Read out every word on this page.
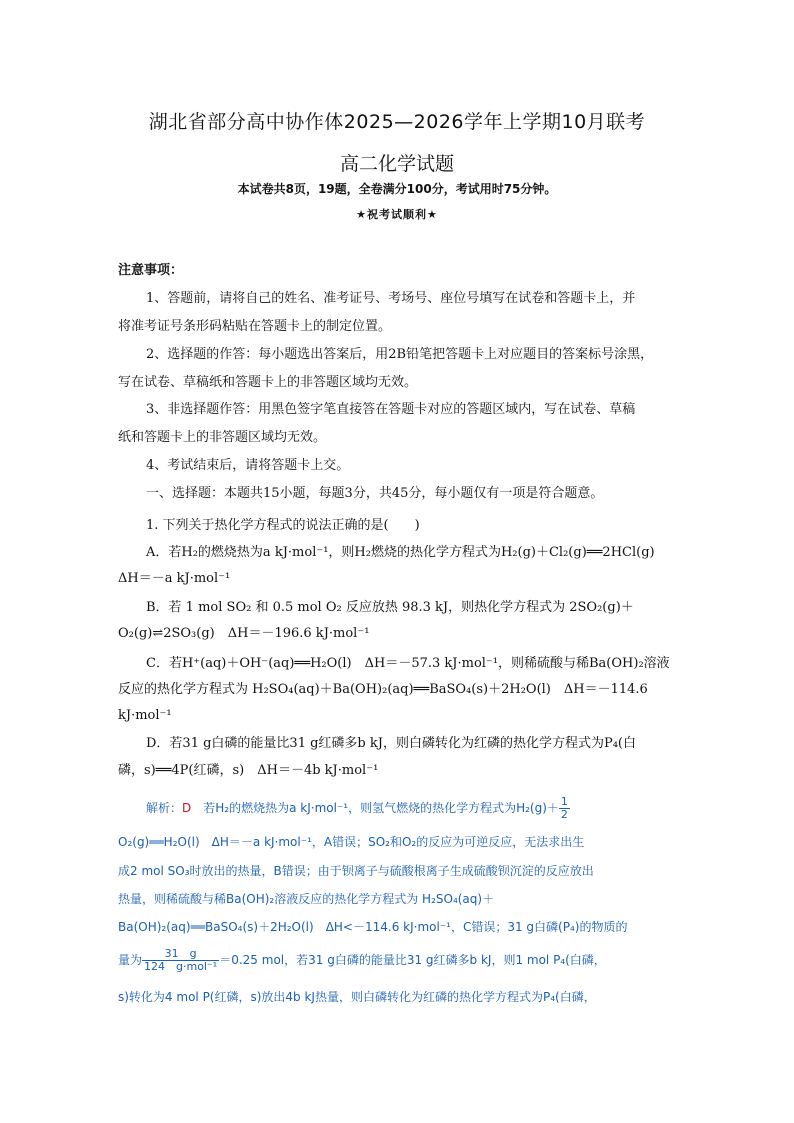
湖北省部分高中协作体2025—2026学年上学期10月联考
高二化学试题
本试卷共8页，19题，全卷满分100分，考试用时75分钟。
★祝考试顺利★
注意事项：
1、答题前，请将自己的姓名、准考证号、考场号、座位号填写在试卷和答题卡上，并
将准考证号条形码粘贴在答题卡上的制定位置。
2、选择题的作答：每小题选出答案后，用2B铅笔把答题卡上对应题目的答案标号涂黑，
写在试卷、草稿纸和答题卡上的非答题区域均无效。
3、非选择题作答：用黑色签字笔直接答在答题卡对应的答题区域内，写在试卷、草稿
纸和答题卡上的非答题区域均无效。
4、考试结束后，请将答题卡上交。
一、选择题：本题共15小题，每题3分，共45分，每小题仅有一项是符合题意。
1. 下列关于热化学方程式的说法正确的是(　　)
A．若H₂的燃烧热为a kJ·mol⁻¹，则H₂燃烧的热化学方程式为H₂(g)＋Cl₂(g)══2HCl(g)
ΔH＝－a kJ·mol⁻¹
B．若 1 mol SO₂ 和 0.5 mol O₂ 反应放热 98.3 kJ，则热化学方程式为 2SO₂(g)＋
O₂(g)⇌2SO₃(g)　ΔH＝－196.6 kJ·mol⁻¹
C．若H⁺(aq)＋OH⁻(aq)══H₂O(l)　ΔH＝－57.3 kJ·mol⁻¹，则稀硫酸与稀Ba(OH)₂溶液
反应的热化学方程式为 H₂SO₄(aq)＋Ba(OH)₂(aq)══BaSO₄(s)＋2H₂O(l)　ΔH＝－114.6
kJ·mol⁻¹
D．若31 g白磷的能量比31 g红磷多b kJ，则白磷转化为红磷的热化学方程式为P₄(白
磷，s)══4P(红磷，s)　ΔH＝－4b kJ·mol⁻¹
解析：D　 若H₂的燃烧热为a kJ·mol⁻¹，则氢气燃烧的热化学方程式为$H_2(g)+ \frac{1}{2}$
O₂(g)══H₂O(l)　ΔH＝－a kJ·mol⁻¹，A错误；SO₂和O₂的反应为可逆反应，无法求出生
成2 mol SO₃时放出的热量，B错误；由于钡离子与硫酸根离子生成硫酸钡沉淀的反应放出
热量，则稀硫酸与稀Ba(OH)₂溶液反应的热化学方程式为 H₂SO₄(aq)＋
Ba(OH)₂(aq)══BaSO₄(s)＋2H₂O(l)　ΔH<－114.6 kJ·mol⁻¹，C错误；31 g白磷(P₄)的物质的
量为 $\frac{31 g}{\text{124　g·mol⁻¹}} =0.25$ mol，若31 g白磷的能量比31 g红磷多b kJ，则1 mol P₄(白磷，
s)转化为4 mol P(红磷，s)放出4b kJ热量，则白磷转化为红磷的热化学方程式为P₄(白磷，
